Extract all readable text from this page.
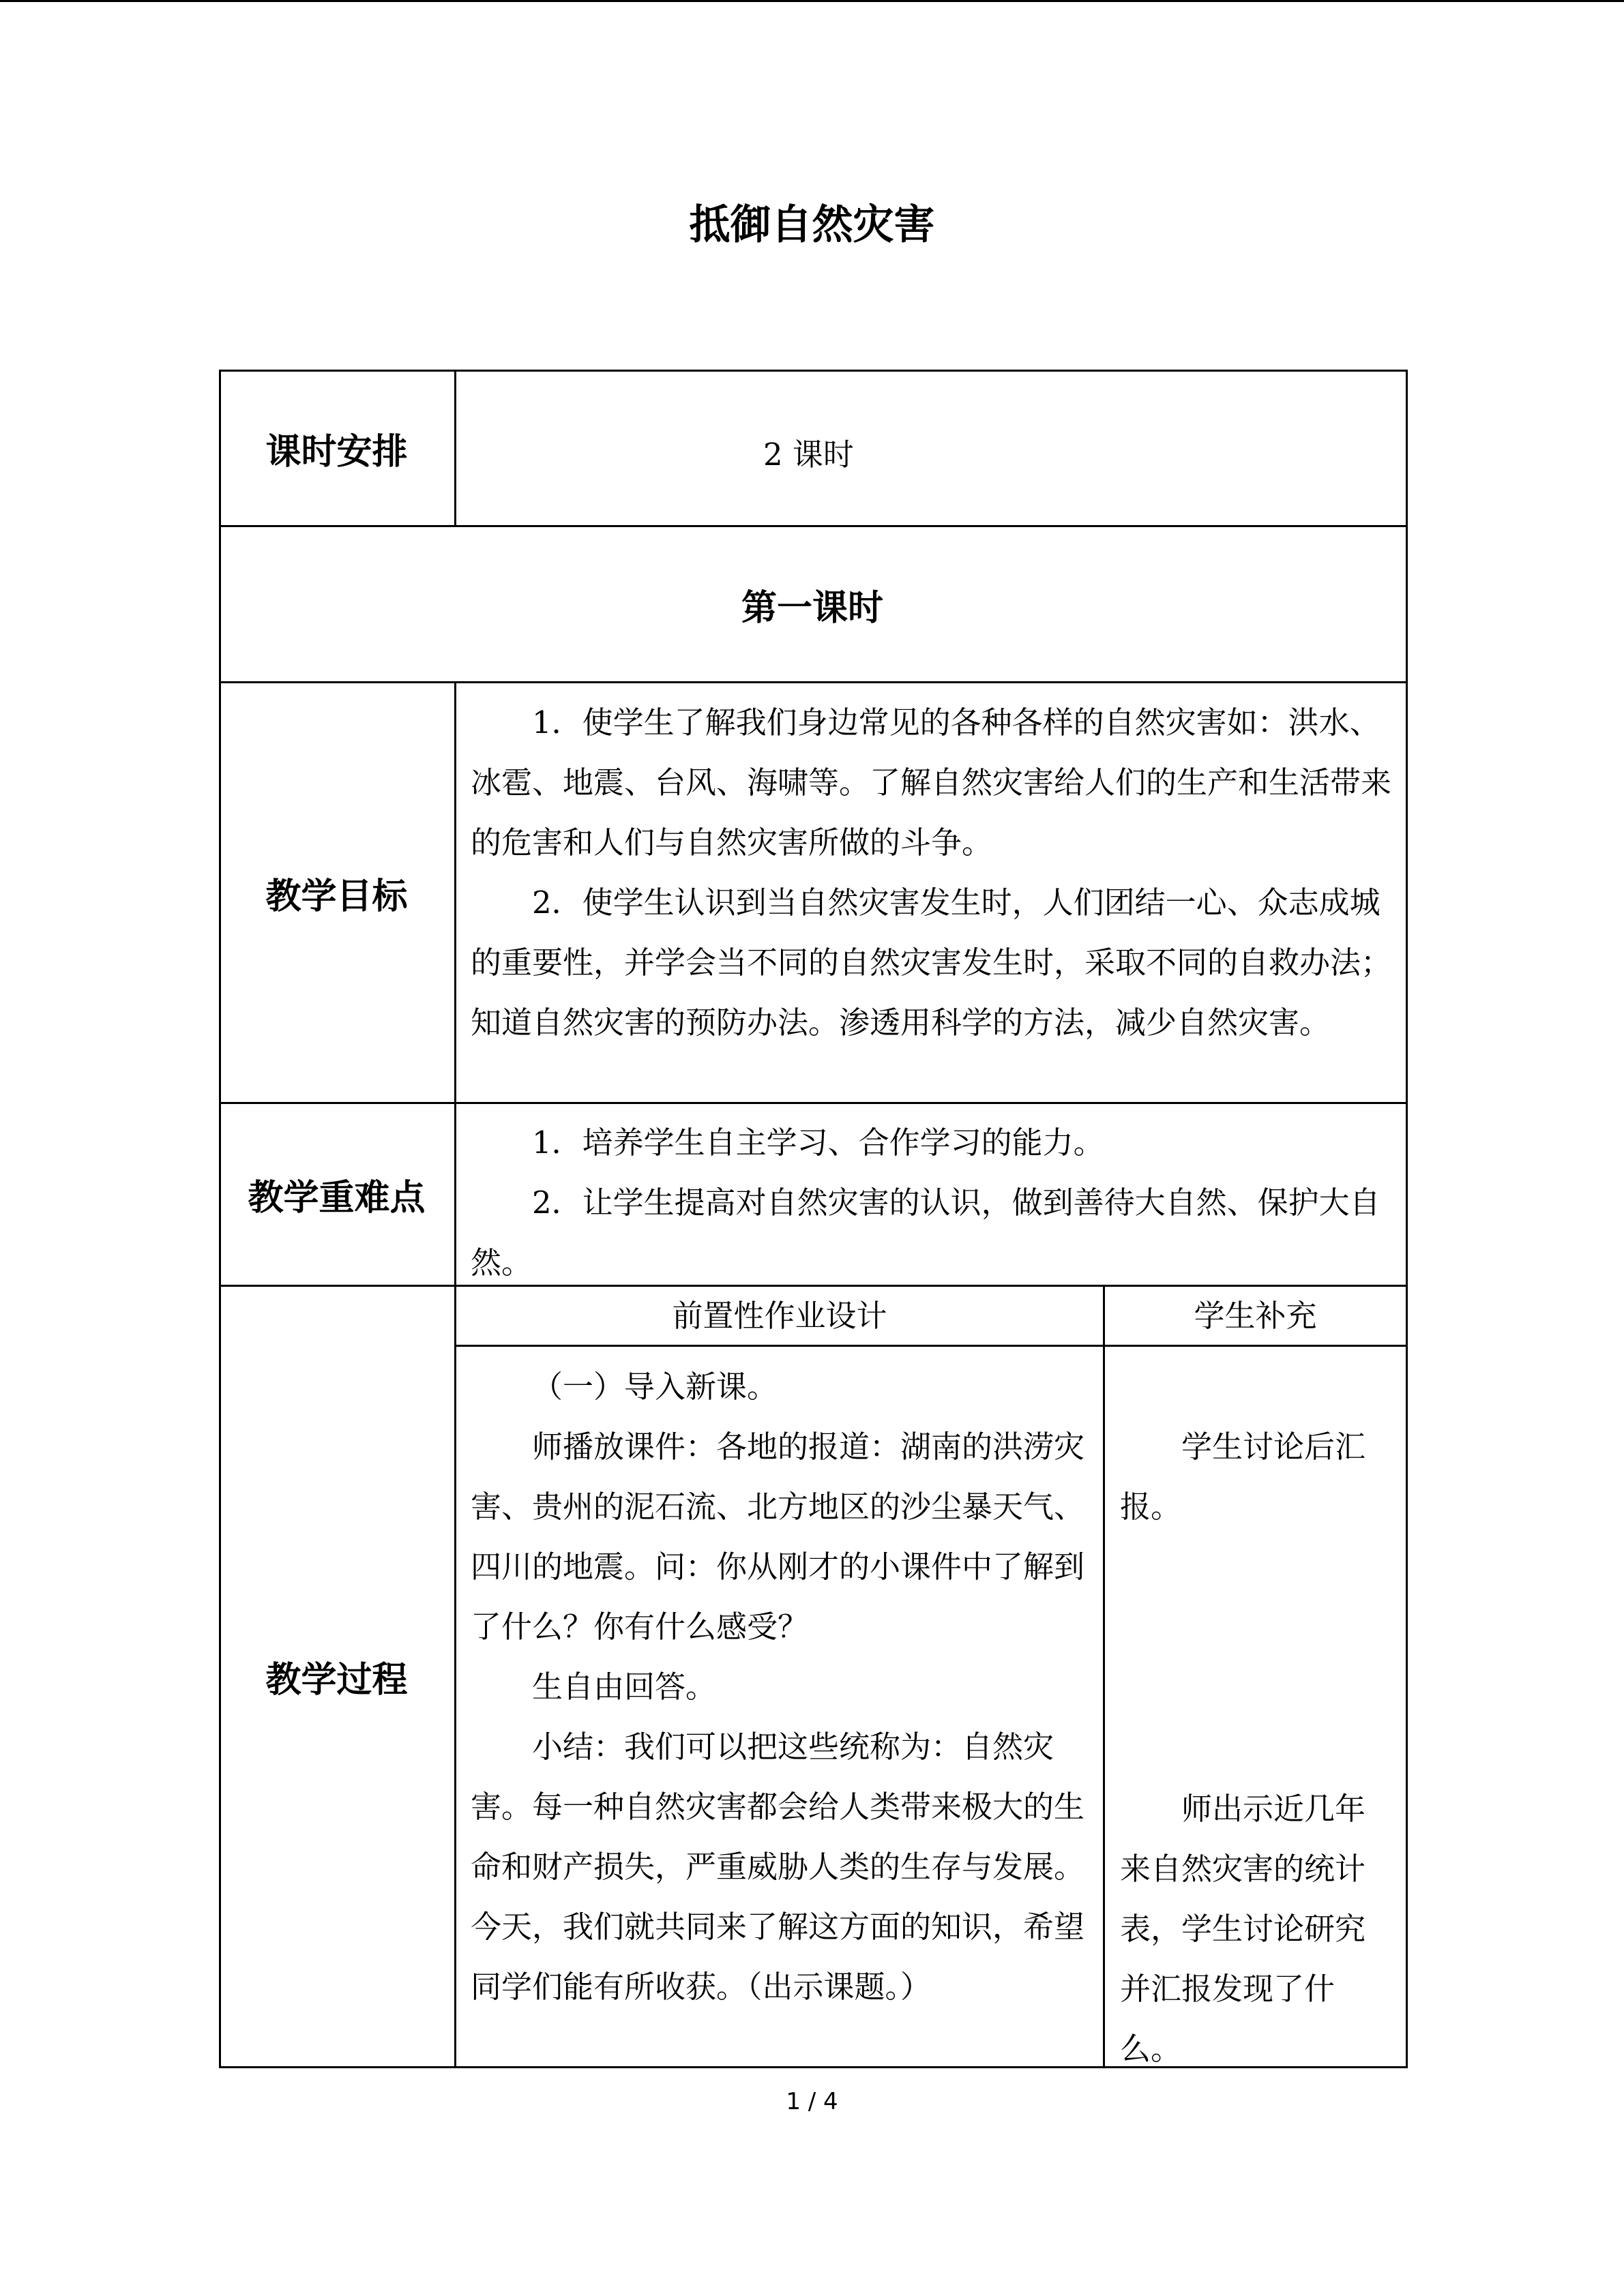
抵御自然灾害
课时安排	2 课时
第一课时
教学目标

1．使学生了解我们身边常见的各种各样的自然灾害如：洪水、冰雹、地震、台风、海啸等。了解自然灾害给人们的生产和生活带来的危害和人们与自然灾害所做的斗争。

2．使学生认识到当自然灾害发生时，人们团结一心、众志成城的重要性，并学会当不同的自然灾害发生时，采取不同的自救办法；知道自然灾害的预防办法。渗透用科学的方法，减少自然灾害。

教学重难点

1．培养学生自主学习、合作学习的能力。

2．让学生提高对自然灾害的认识，做到善待大自然、保护大自然。

教学过程
前置性作业设计	学生补充

（一）导入新课。

师播放课件：各地的报道：湖南的洪涝灾害、贵州的泥石流、北方地区的沙尘暴天气、四川的地震。问：你从刚才的小课件中了解到了什么？你有什么感受？

生自由回答。

小结：我们可以把这些统称为：自然灾害。每一种自然灾害都会给人类带来极大的生命和财产损失，严重威胁人类的生存与发展。今天，我们就共同来了解这方面的知识，希望同学们能有所收获。（出示课题。）

学生讨论后汇报。

师出示近几年来自然灾害的统计表，学生讨论研究并汇报发现了什么。

1 / 4
